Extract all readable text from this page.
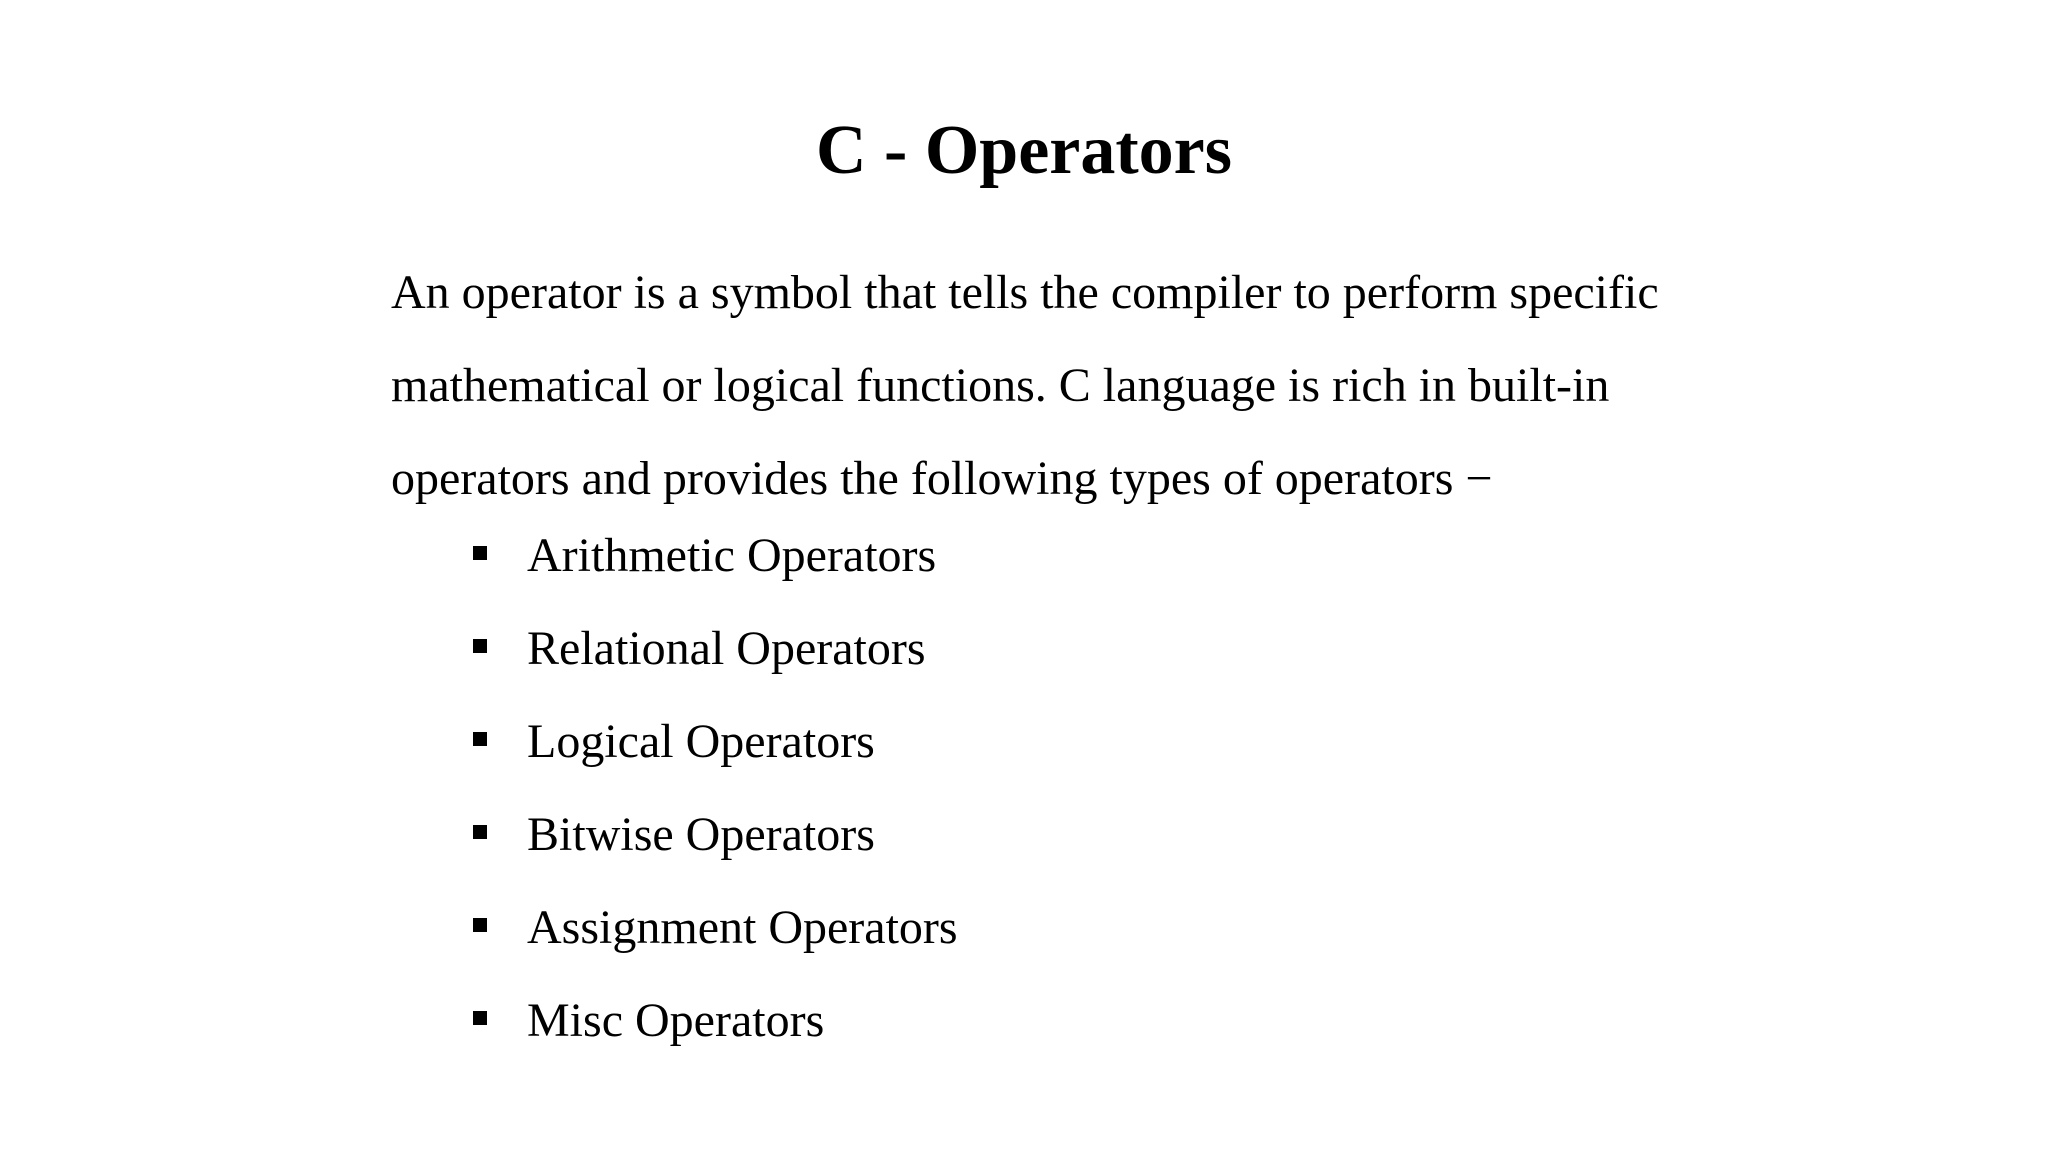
C - Operators

An operator is a symbol that tells the compiler to perform specific
mathematical or logical functions. C language is rich in built-in
operators and provides the following types of operators −

Arithmetic Operators
Relational Operators
Logical Operators
Bitwise Operators
Assignment Operators
Misc Operators
